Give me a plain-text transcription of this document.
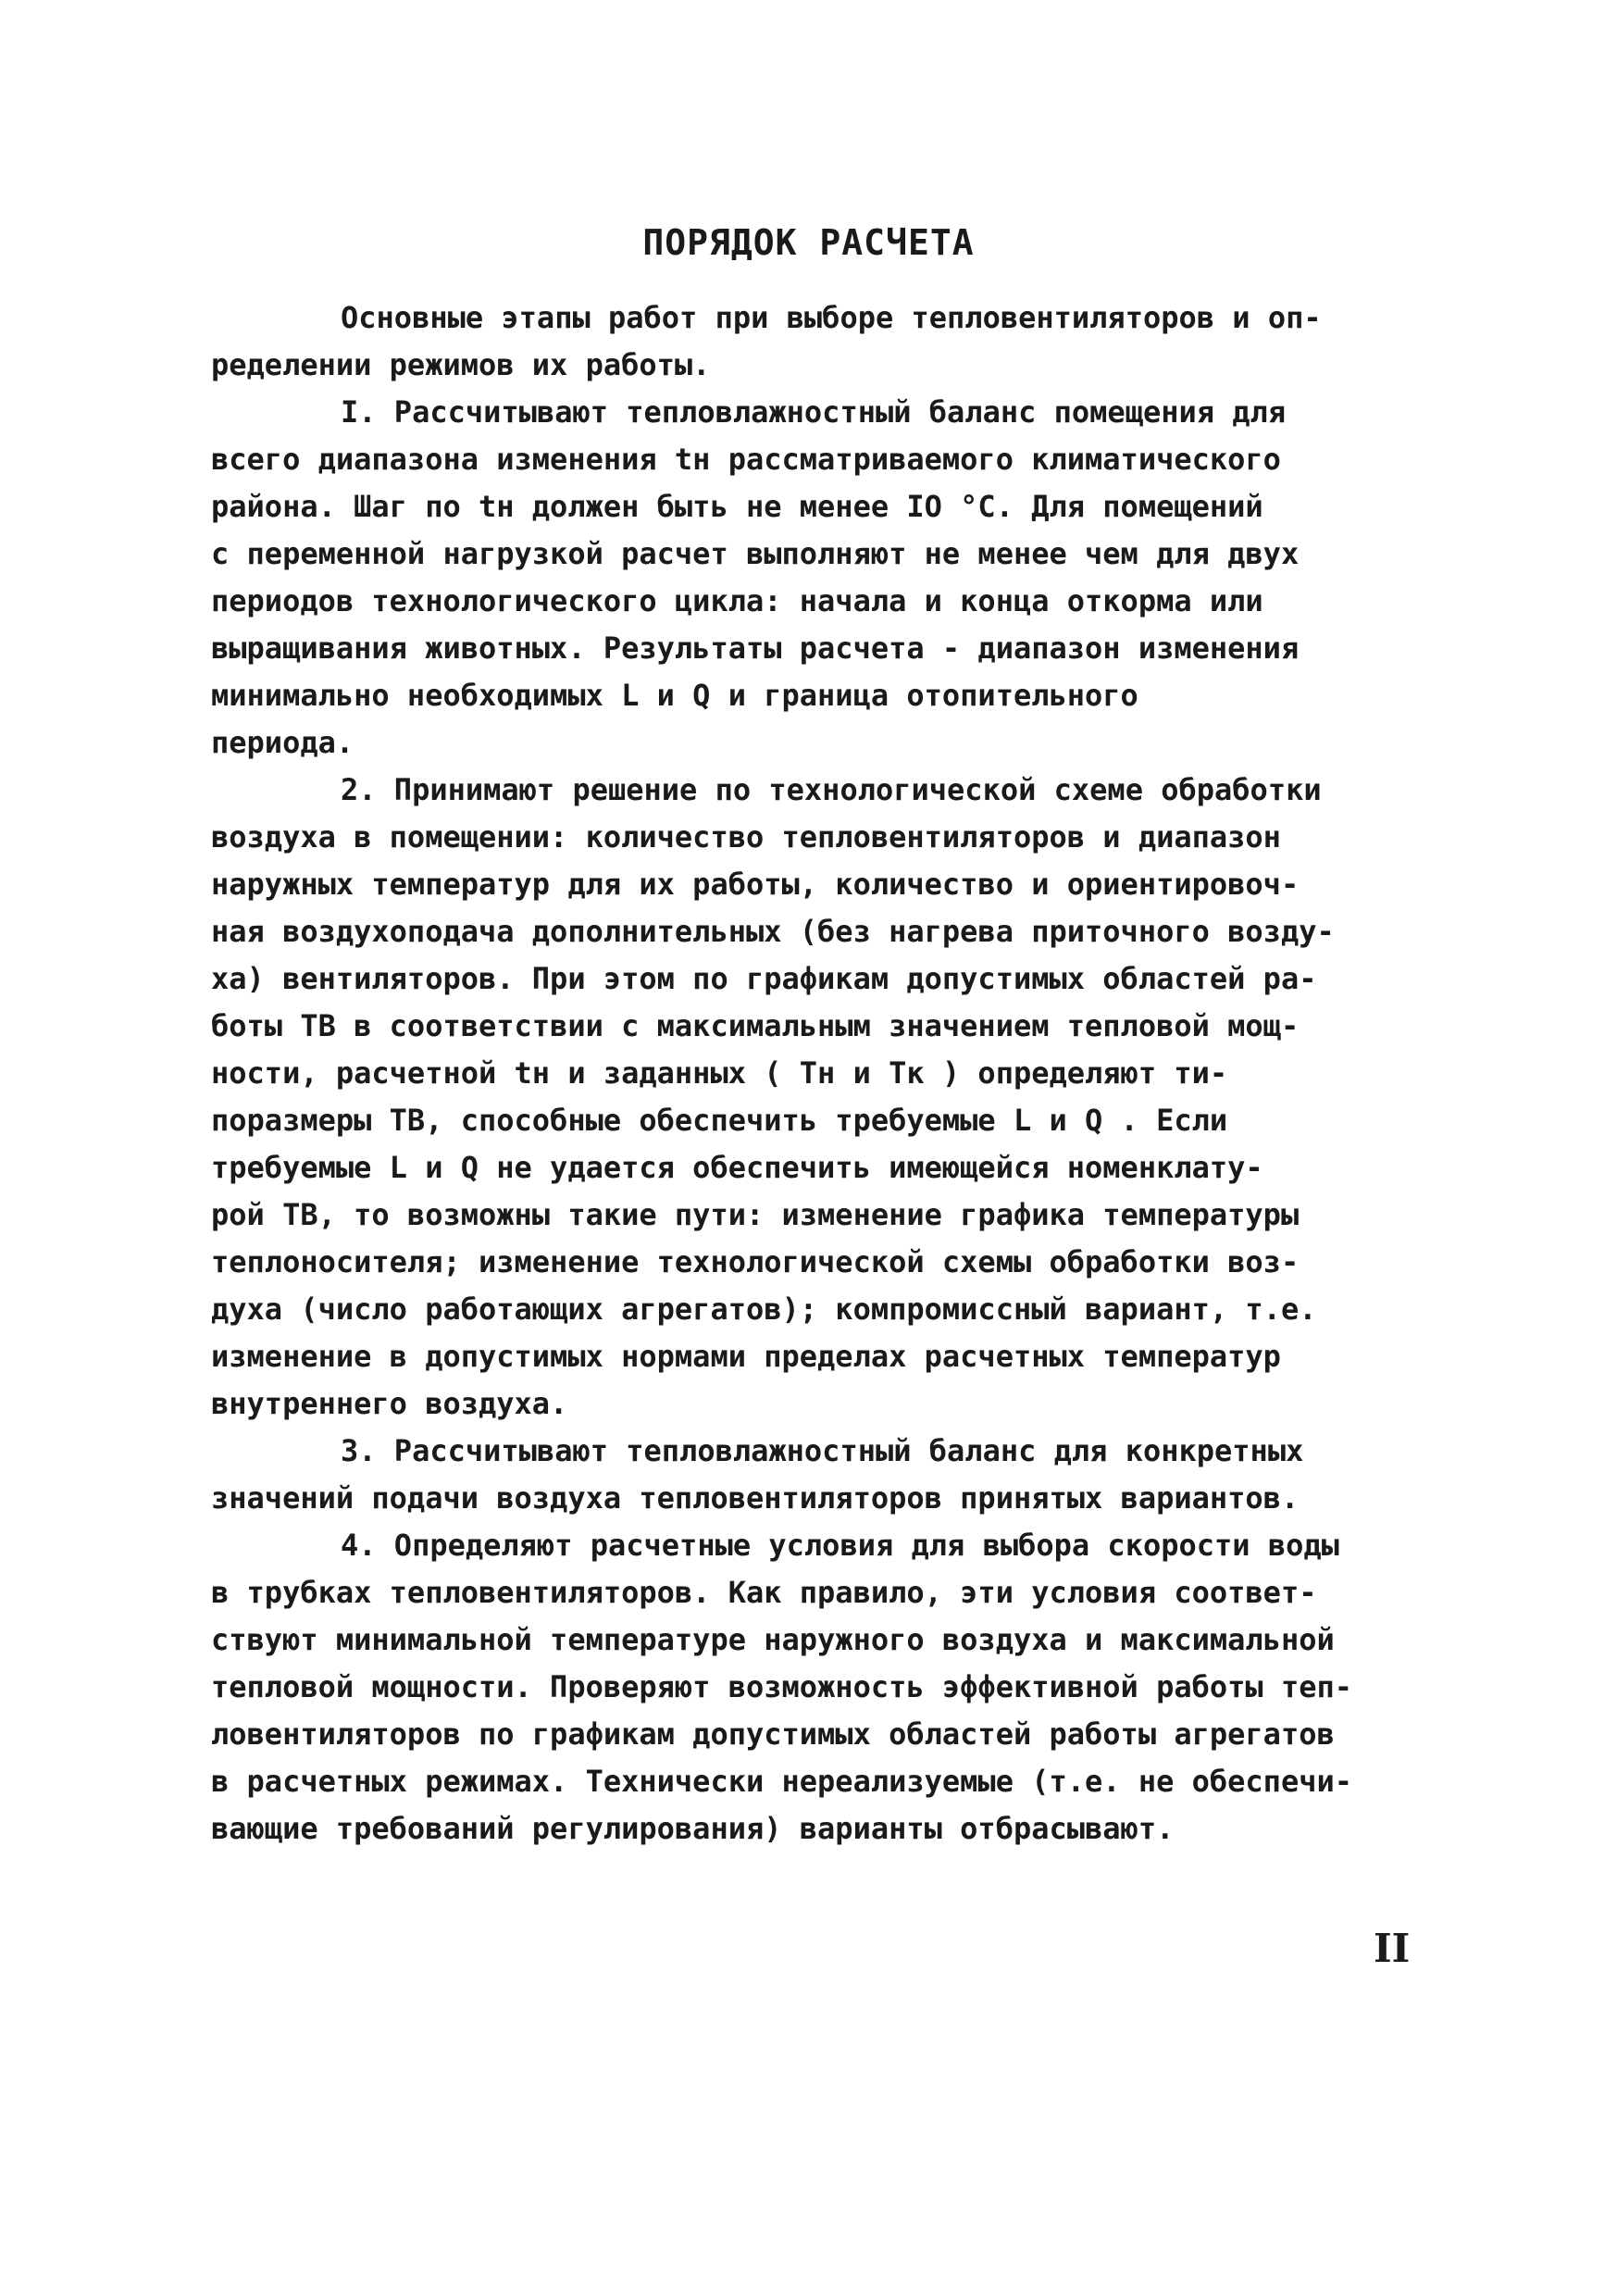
ПОРЯДОК РАСЧЕТА
Основные этапы работ при выборе тепловентиляторов и оп-
ределении режимов их работы.
I. Рассчитывают тепловлажностный баланс помещения для
всего диапазона изменения tн рассматриваемого климатического
района. Шаг по tн должен быть не менее IO °С. Для помещений
с переменной нагрузкой расчет выполняют не менее чем для двух
периодов технологического цикла: начала и конца откорма или
выращивания животных. Результаты расчета - диапазон изменения
минимально необходимых L и Q и граница отопительного
периода.
2. Принимают решение по технологической схеме обработки
воздуха в помещении: количество тепловентиляторов и диапазон
наружных температур для их работы, количество и ориентировоч-
ная воздухоподача дополнительных (без нагрева приточного возду-
ха) вентиляторов. При этом по графикам допустимых областей ра-
боты ТВ в соответствии с максимальным значением тепловой мощ-
ности, расчетной tн и заданных ( Tн и Tк ) определяют ти-
поразмеры ТВ, способные обеспечить требуемые L и Q . Если
требуемые L и Q не удается обеспечить имеющейся номенклату-
рой ТВ, то возможны такие пути: изменение графика температуры
теплоносителя; изменение технологической схемы обработки воз-
духа (число работающих агрегатов); компромиссный вариант, т.е.
изменение в допустимых нормами пределах расчетных температур
внутреннего воздуха.
3. Рассчитывают тепловлажностный баланс для конкретных
значений подачи воздуха тепловентиляторов принятых вариантов.
4. Определяют расчетные условия для выбора скорости воды
в трубках тепловентиляторов. Как правило, эти условия соответ-
ствуют минимальной температуре наружного воздуха и максимальной
тепловой мощности. Проверяют возможность эффективной работы теп-
ловентиляторов по графикам допустимых областей работы агрегатов
в расчетных режимах. Технически нереализуемые (т.е. не обеспечи-
вающие требований регулирования) варианты отбрасывают.
II
